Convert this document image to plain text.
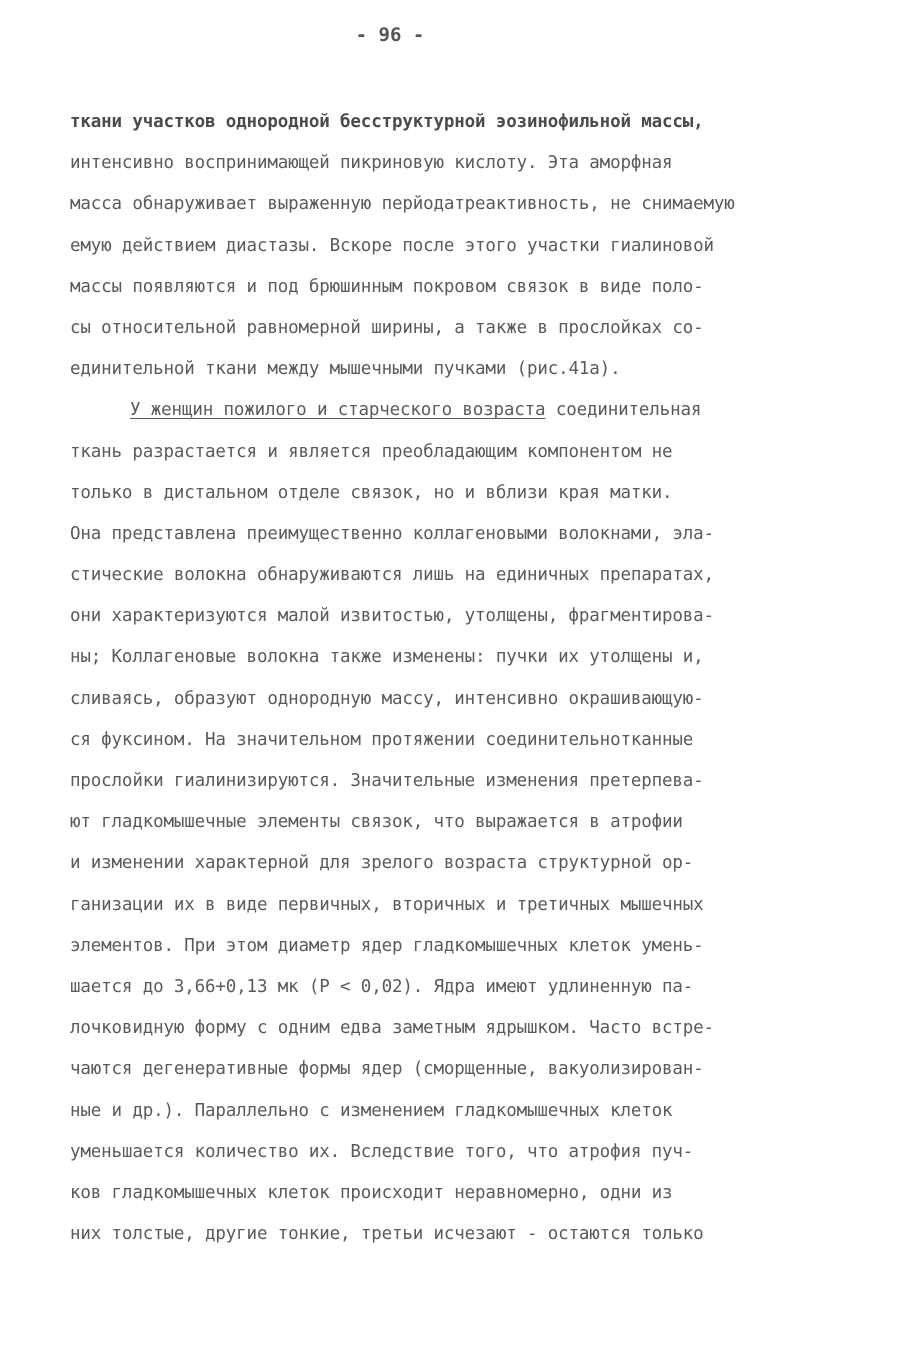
- 96 -
ткани участков однородной бесструктурной эозинофильной массы,
интенсивно воспринимающей пикриновую кислоту. Эта аморфная
масса обнаруживает выраженную перйодатреактивность, не снимаемую
емую действием диастазы. Вскоре после этого участки гиалиновой
массы появляются и под брюшинным покровом связок в виде поло-
сы относительной равномерной ширины, а также в прослойках со-
единительной ткани между мышечными пучками (рис.41а).
У женщин пожилого и старческого возраста соединительная
ткань разрастается и является преобладающим компонентом не
только в дистальном отделе связок, но и вблизи края матки.
Она представлена преимущественно коллагеновыми волокнами, эла-
стические волокна обнаруживаются лишь на единичных препаратах,
они характеризуются малой извитостью, утолщены, фрагментирова-
ны; Коллагеновые волокна также изменены: пучки их утолщены и,
сливаясь, образуют однородную массу, интенсивно окрашивающую-
ся фуксином. На значительном протяжении соединительнотканные
прослойки гиалинизируются. Значительные изменения претерпева-
ют гладкомышечные элементы связок, что выражается в атрофии
и изменении характерной для зрелого возраста структурной ор-
ганизации их в виде первичных, вторичных и третичных мышечных
элементов. При этом диаметр ядер гладкомышечных клеток умень-
шается до 3,66+0,13 мк (P < 0,02). Ядра имеют удлиненную па-
лочковидную форму с одним едва заметным ядрышком. Часто встре-
чаются дегенеративные формы ядер (сморщенные, вакуолизирован-
ные и др.). Параллельно с изменением гладкомышечных клеток
уменьшается количество их. Вследствие того, что атрофия пуч-
ков гладкомышечных клеток происходит неравномерно, одни из
них толстые, другие тонкие, третьи исчезают - остаются только
